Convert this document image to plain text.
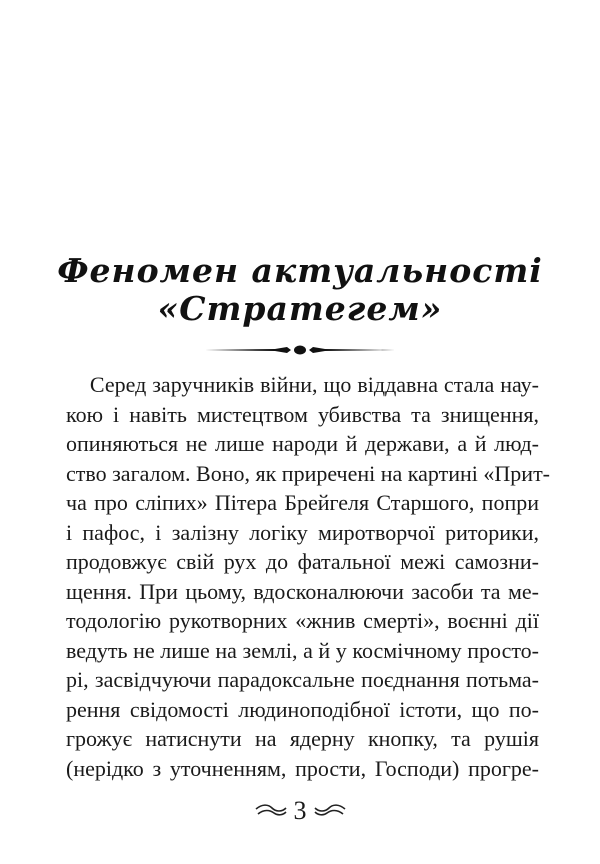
Феномен актуальності
«Стратегем»
Серед заручників війни, що віддавна стала нау-
кою і навіть мистецтвом убивства та знищення,
опиняються не лише народи й держави, а й люд-
ство загалом. Воно, як приречені на картині «Прит-
ча про сліпих» Пітера Брейгеля Старшого, попри
і пафос, і залізну логіку миротворчої риторики,
продовжує свій рух до фатальної межі самозни-
щення. При цьому, вдосконалюючи засоби та ме-
тодологію рукотворних «жнив смерті», воєнні дії
ведуть не лише на землі, а й у космічному просто-
рі, засвідчуючи парадоксальне поєднання потьма-
рення свідомості людиноподібної істоти, що по-
грожує натиснути на ядерну кнопку, та рушія
(нерідко з уточненням, прости, Господи) прогре-
3
